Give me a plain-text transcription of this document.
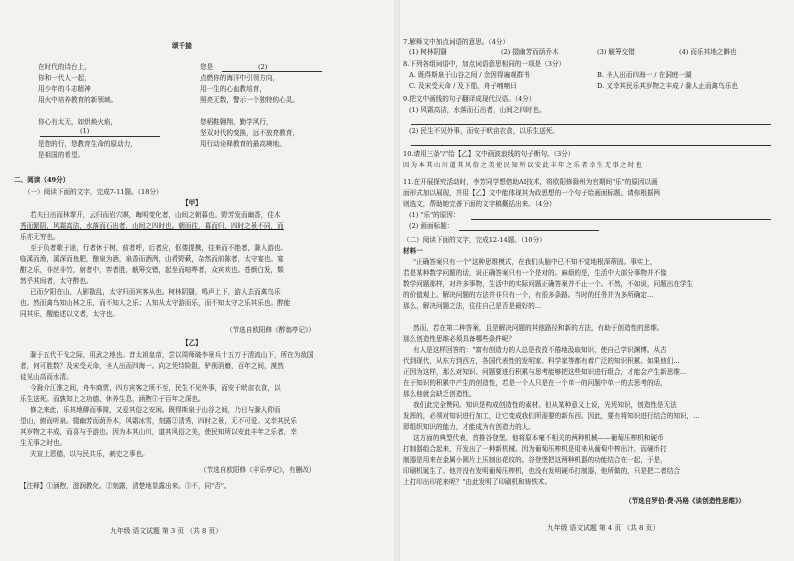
颂千揣
在时代的诗台上，
你和一代人一起，
用少年的斗志精神
用火中培养教育的新领域。
你心有太无，如烘焕火焰，
(1)
是您的行，您教育生命的原动力，
是祖国的希望。
您是	(2)
点燃你的海洋中引领方向，
用一生的心血教培育，
照亮无数，警示一个独特的心灵。
您稻鞋翱翔，勤学风行，
坚双对代的变换，远不放亮教育，
用行动诠释教育的最高境地。
二、阅读（49分）
（一）阅读下面的文字，完成7-11题。（18分）
【甲】
若夫日出而林霏开，云归而岩穴暝，晦明变化者，山间之朝暮也。野芳发而幽香，佳木
秀而繁阴，风霜高洁，水落而石出者，山间之四时也。朝而往，暮而归，四时之景不同，而
乐亦无穷也。
至于负者歌于途，行者休于树，前者呼，后者应，伛偻提携，往来而不绝者，滁人游也。
临溪而渔，溪深而鱼肥，酿泉为酒，泉香而酒洌，山肴野蔌，杂然而前陈者，太守宴也。宴
酣之乐，非丝非竹，射者中，弈者胜，觥筹交错，起坐而喧哗者，众宾欢也。苍颜白发，颓
然乎其间者，太守醉也。
已而夕阳在山，人影散乱，太守归而宾客从也。树林阴翳，鸣声上下，游人去而禽鸟乐
也。然而禽鸟知山林之乐，而不知人之乐；人知从太守游而乐，而不知太守之乐其乐也。醉能
同其乐，醒能述以文者，太守也。
（节选自欧阳修《醉翁亭记》）
【乙】
滁于五代干戈之际，用武之地也。昔太祖皇帝，尝以周师破李景兵十五万于清流山下，所在为敌国
者，何可胜数？及宋受天命，圣人出而四海一。向之凭恃险阻，铲削消磨，百年之间，漠然
徒见山高而水清。
今滁介江淮之间，舟车商贾、四方宾客之所不至，民生不见外事，而安于畎亩衣食，以
乐生送死。而孰知上之功德，休养生息，涵煦①于百年之深也。
修之来此，乐其地僻而事简，又爱其俗之安闲。既得斯泉于山谷之间，乃日与滁人仰而
望山，俯而听泉。掇幽芳而荫乔木，风霜冰雪，刻露②清秀，四时之景，无不可爱。又幸其民乐
其岁物之丰成，而喜与予游也。因为本其山川，道其风俗之美，使民知所以安此丰年之乐者，幸
生无事之时也。
夫宣上恩德，以与民共乐，刺史之事也。
（节选自欧阳修《丰乐亭记》，有删改）
【注释】①涵煦，滋润教化。②刻露，清楚地显露出来。③不，同"否"。
九年级 语文试题 第 3 页 （共 8 页）
7.解释文中加点词语的意思。（4分）
(1) 树林阴翳	(2) 掇幽芳而荫乔木	(3) 觥筹交错	(4) 而乐其地之僻也
8.下列各组词语中，加点词语意思相同的一项是（3分）
A. 既得斯泉于山谷之间 / 余因得遍观群书	B. 圣人出而四海一 / 在洞庭一湖
C. 及宋受天命 / 及下船，舟子喃喃曰	D. 又幸其民乐其岁物之丰成 / 滁人止而禽鸟乐也
9.把文中画线的句子翻译成现代汉语。（4分）
(1) 风霜高洁，水落而石出者，山间之四时也。
(2) 民生不见外事，而安于畎亩衣食，以乐生送死。
10.请用三条"/"给【乙】文中画波浪线的句子断句。（3分）
因 为 本 其 山 川 道 其 风 俗 之 美 使 民 知 所 以 安 此 丰 年 之 乐 者 幸 生 无 事 之 时 也
11.在开展探究活动时，李芳同学想借助AI技术，将欧阳修滁州为官期间"乐"的原因以画
面形式加以展现，并用【乙】文中能体现其为政思想的一个句子给画面标题。请你根据两
则选文，帮助她完善下面的文字稿概括出来。（4分）
(1) "乐"的原因：
(2) 画面标题：
（二）阅读下面的文字，完成12-14题。（10分）
材料一
"正确答案只有一个"这种思维模式，在我们头脑中已不知不觉地根深蒂固。事实上，
若是某种数学问题的话，说正确答案只有一个是对的。麻烦的是，生活中大部分事物并不像
数学问题那样，对许多事物，生活中的实际问题正确答案并不止一个。不然，不如说，问题出在学生
的价值观上。解决问题的方法并非只有一个，有很多条路。当时的任务并为多所确定...
那么，解决问题之法，往往自己是否是最好的...
然而，若在第二种答案，且是解决问题的其他路径和新的方法，有助于创造性的思维。
那么创造性思维必须具备哪些条件呢？
有人是这样回答的："富有创造力的人总是孜孜不倦地汲取知识，使自己学识渊博。从古
代到现代，从东方到西方，各国代表性的发明家、科学家等都有着广泛的知识积累。如果他们...
正因为这样，那么对知识、问题要进行积累与思考能够把这些知识进行组合，才能会产生新思维...
在于知识的积累中产生的创造性，若是一个人只是在一个单一的问题中单一的去思考的话，
那么他就会缺乏创造性。
我们此完全赞同。知识是构成创造性的素材。但从某种意义上说，光凭知识，创造性是无法
发挥的，必须对知识进行加工，让它变成我们所需要的新东西。因此，要有将知识进行结合的知识，...
即组织知识的能力，才能成为有创造力的人。
这方面的典型代表，首推谷登堡。他将原本毫不相关的两种机械——葡萄压榨机和硬币
打制器组合起来，开发出了一种新机械。因为葡萄压榨机是用来从葡萄中榨出汁，而硬币打
制器是用来在金属小圆片上压制出花纹的。谷登堡把这两种机器的功能结合在一起，于是，
印刷机诞生了。他并没有发明葡萄压榨机，也没有发明硬币打制器，他所做的，只是把二者结合
上打印出印花来呢？"由此发明了印刷机和铸铁术。
（节选自罗伯·费·冯格《谈创造性思维》）
九年级 语文试题 第 4 页 （共 8 页）
